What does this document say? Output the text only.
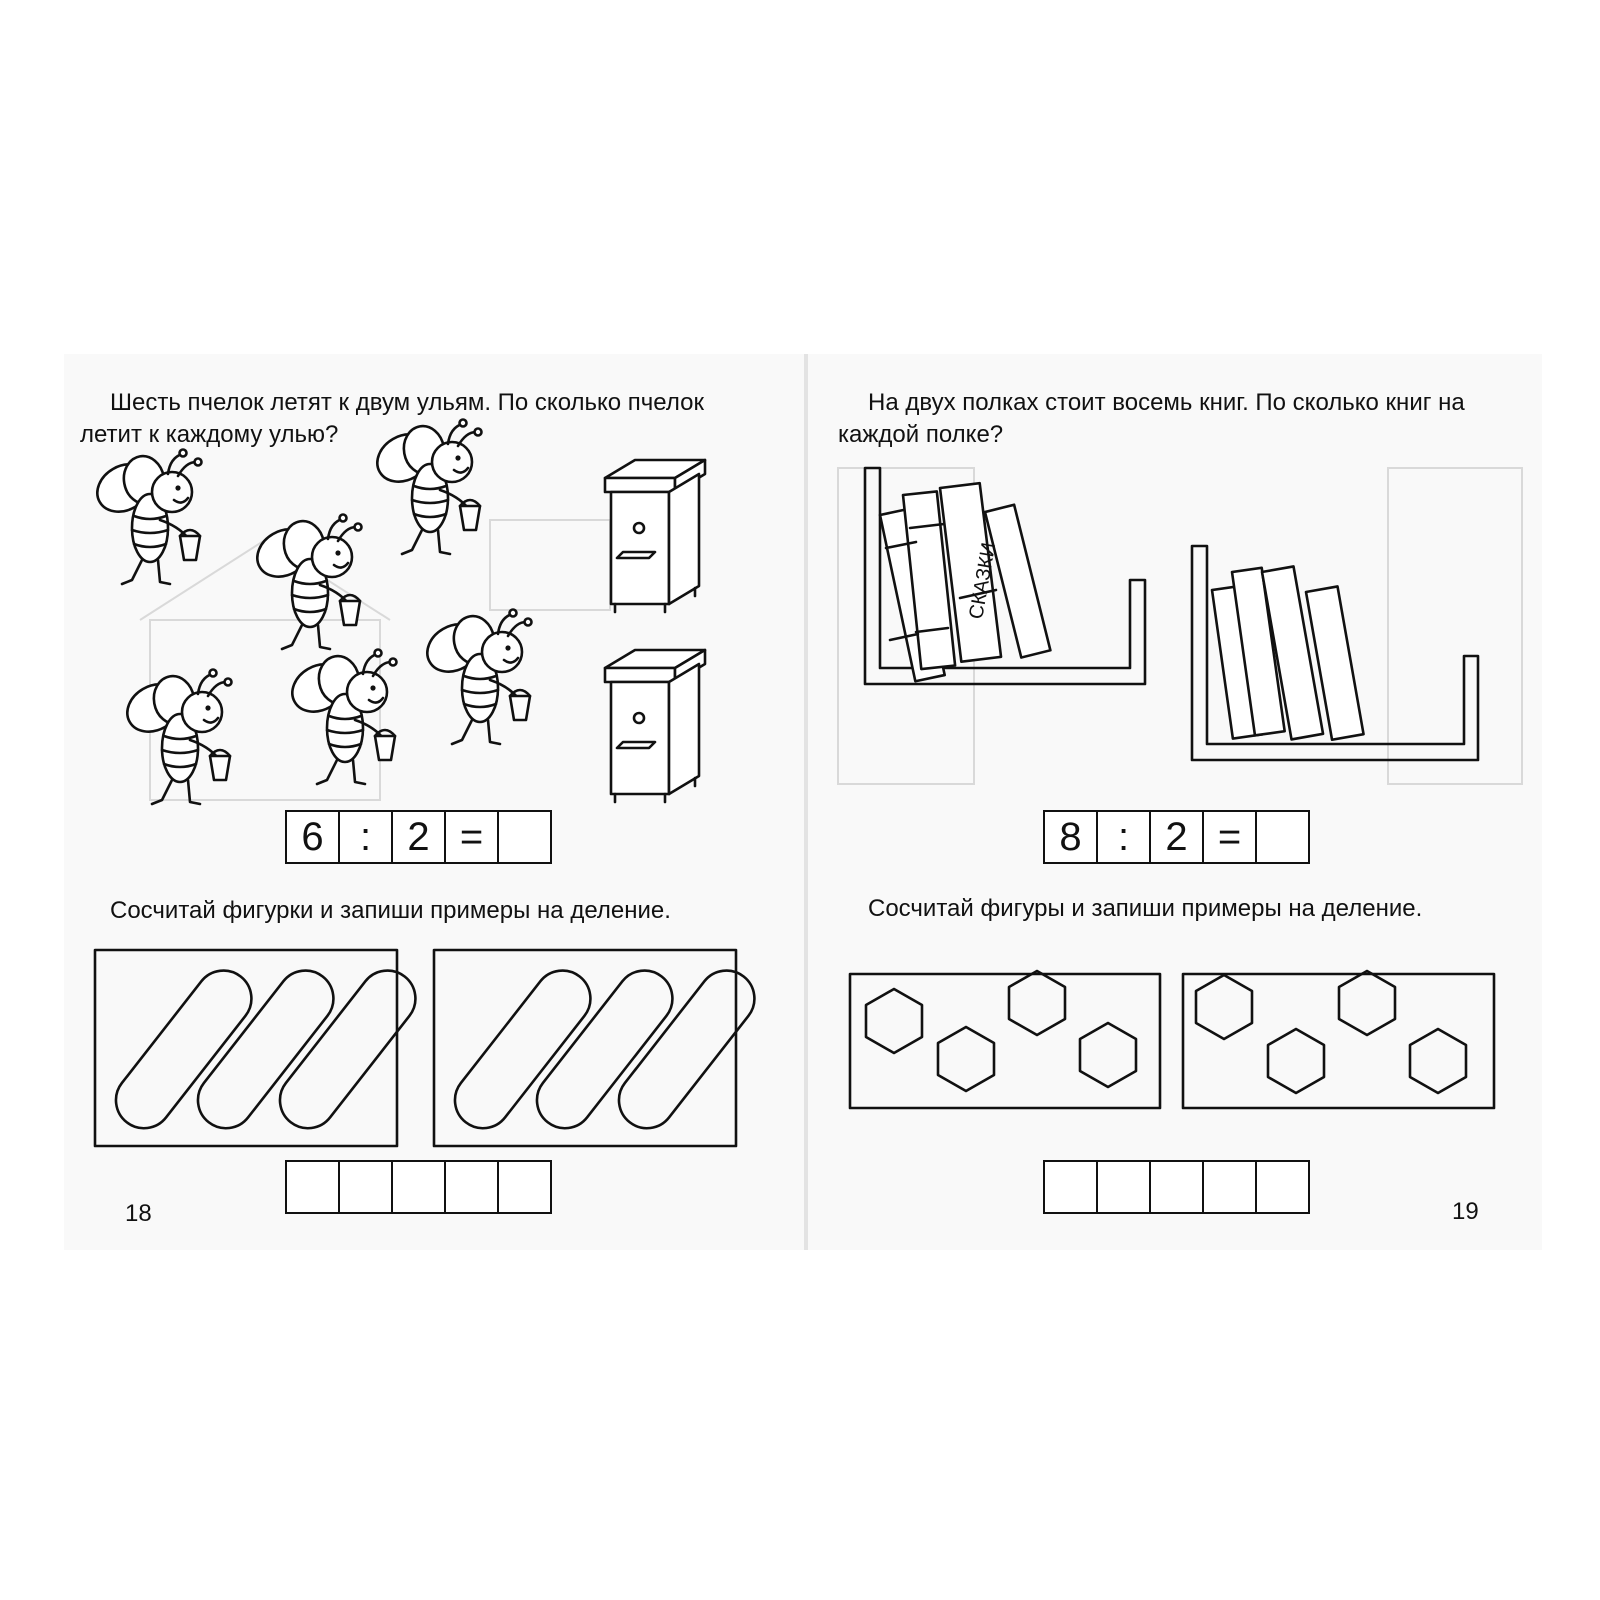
Шесть пчелок летят к двум ульям. По сколько пчелок летит к каждому улью?
СКАЗКИ
6 : 2 =
Сосчитай фигурки и запиши примеры на деление.
18
На двух полках стоит восемь книг. По сколько книг на каждой полке?
8 : 2 =
Сосчитай фигуры и запиши примеры на деление.
19
